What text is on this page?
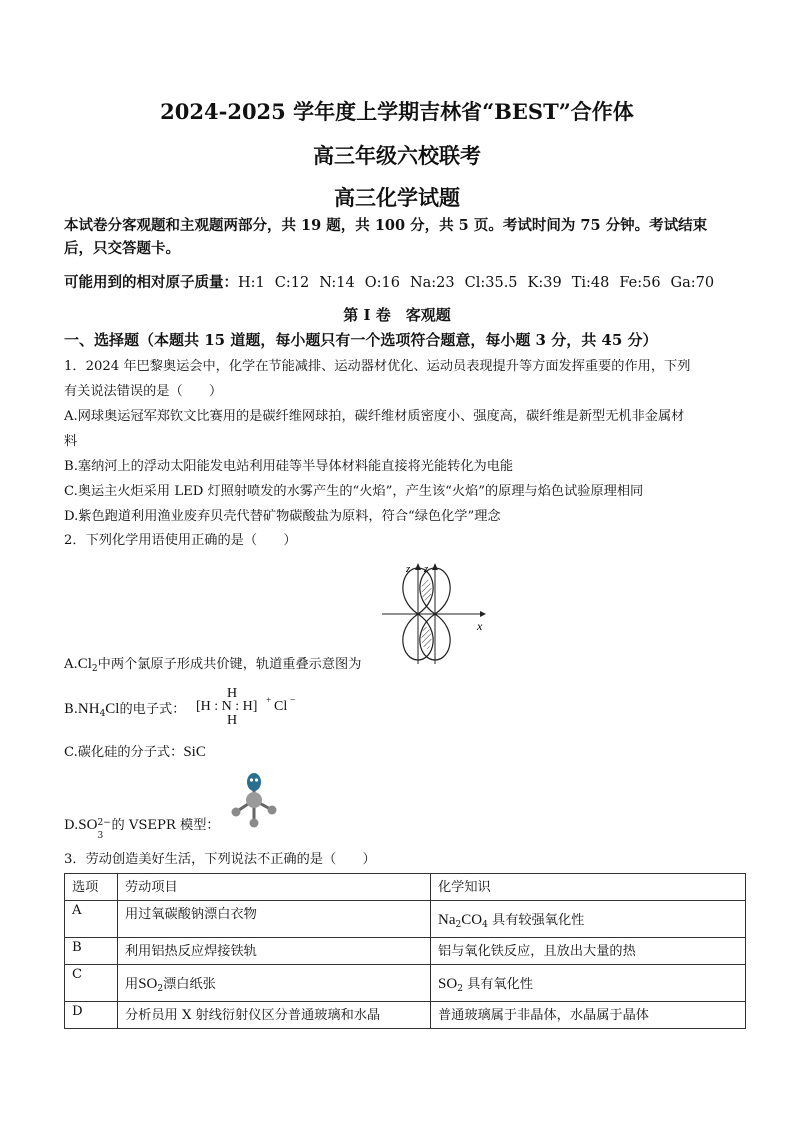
2024-2025 学年度上学期吉林省“BEST”合作体
高三年级六校联考
高三化学试题
本试卷分客观题和主观题两部分，共 19 题，共 100 分，共 5 页。考试时间为 75 分钟。考试结束后，只交答题卡。
可能用到的相对原子质量：H:1 C:12 N:14 O:16 Na:23 Cl:35.5 K:39 Ti:48 Fe:56 Ga:70
第 I 卷　客观题
一、选择题（本题共 15 道题，每小题只有一个选项符合题意，每小题 3 分，共 45 分）
1．2024 年巴黎奥运会中，化学在节能减排、运动器材优化、运动员表现提升等方面发挥重要的作用，下列
有关说法错误的是（　　）
A.网球奥运冠军郑钦文比赛用的是碳纤维网球拍，碳纤维材质密度小、强度高，碳纤维是新型无机非金属材
料
B.塞纳河上的浮动太阳能发电站利用硅等半导体材料能直接将光能转化为电能
C.奥运主火炬采用 LED 灯照射喷发的水雾产生的“火焰”，产生该“火焰”的原理与焰色试验原理相同
D.紫色跑道利用渔业废弃贝壳代替矿物碳酸盐为原料，符合“绿色化学”理念
2．下列化学用语使用正确的是（　　）
z z
x
$A.Cl_2$中两个氯原子形成共价键，轨道重叠示意图为
$B.NH_4Cl$的电子式：
H
[H : N : H] + Cl −
H
C.碳化硅的分子式：SiC
D.SO 2−
3
的 VSEPR 模型：
3．劳动创造美好生活，下列说法不正确的是（　　）
选项	劳动项目	化学知识
A	用过氧碳酸钠漂白衣物	$Na_2CO_4$ 具有较强氧化性
B	利用铝热反应焊接铁轨	铝与氧化铁反应，且放出大量的热
C	用$SO_2$漂白纸张	$SO_2$ 具有氧化性
D	分析员用 X 射线衍射仪区分普通玻璃和水晶	普通玻璃属于非晶体，水晶属于晶体
